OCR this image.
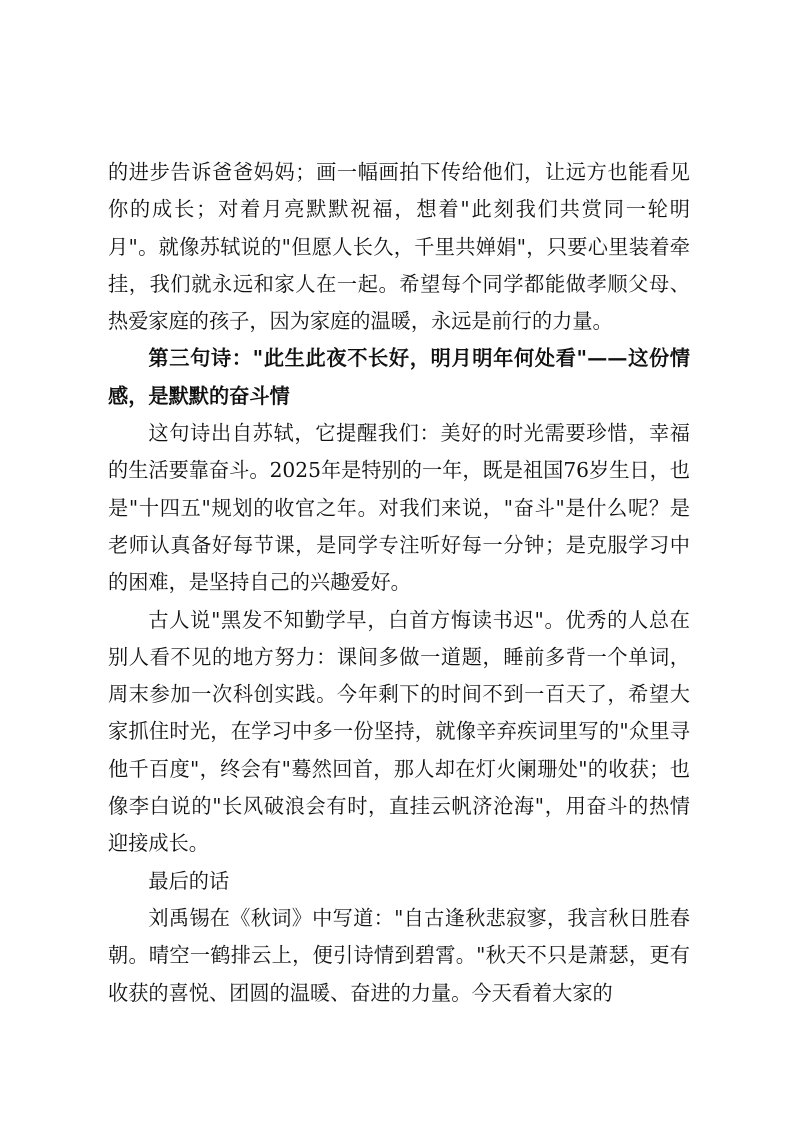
的进步告诉爸爸妈妈；画一幅画拍下传给他们，让远方也能看见你的成长；对着月亮默默祝福，想着"此刻我们共赏同一轮明月"。就像苏轼说的"但愿人长久，千里共婵娟"，只要心里装着牵挂，我们就永远和家人在一起。希望每个同学都能做孝顺父母、热爱家庭的孩子，因为家庭的温暖，永远是前行的力量。

第三句诗："此生此夜不长好，明月明年何处看"——这份情感，是默默的奋斗情

这句诗出自苏轼，它提醒我们：美好的时光需要珍惜，幸福的生活要靠奋斗。2025年是特别的一年，既是祖国76岁生日，也是"十四五"规划的收官之年。对我们来说，"奋斗"是什么呢？是老师认真备好每节课，是同学专注听好每一分钟；是克服学习中的困难，是坚持自己的兴趣爱好。

古人说"黑发不知勤学早，白首方悔读书迟"。优秀的人总在别人看不见的地方努力：课间多做一道题，睡前多背一个单词，周末参加一次科创实践。今年剩下的时间不到一百天了，希望大家抓住时光，在学习中多一份坚持，就像辛弃疾词里写的"众里寻他千百度"，终会有"蓦然回首，那人却在灯火阑珊处"的收获；也像李白说的"长风破浪会有时，直挂云帆济沧海"，用奋斗的热情迎接成长。

最后的话

刘禹锡在《秋词》中写道："自古逢秋悲寂寥，我言秋日胜春朝。晴空一鹤排云上，便引诗情到碧霄。"秋天不只是萧瑟，更有收获的喜悦、团圆的温暖、奋进的力量。今天看着大家的
